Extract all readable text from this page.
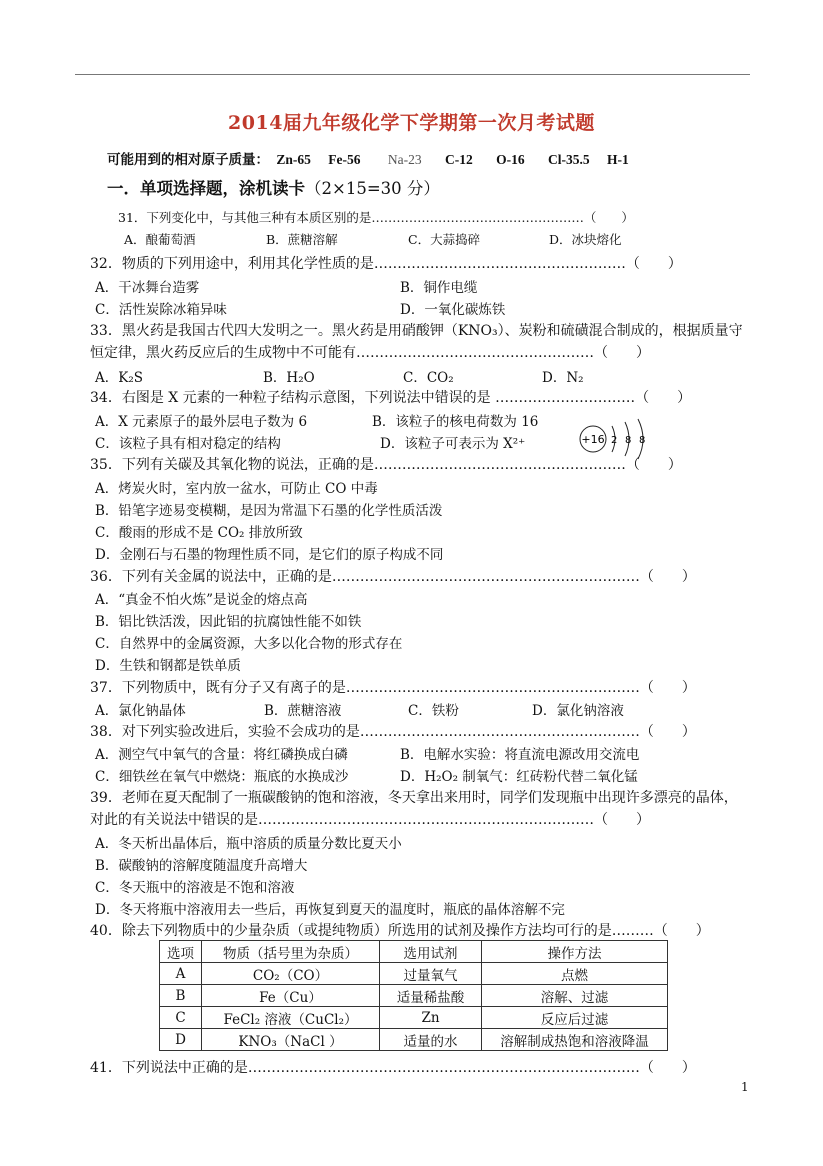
2014届九年级化学下学期第一次月考试题
可能用到的相对原子质量： Zn-65 Fe-56 Na-23 C-12 O-16 Cl-35.5 H-1
一．单项选择题，涂机读卡（2×15=30 分）
31．下列变化中，与其他三种有本质区别的是……………………………………………（　　）
A．酿葡萄酒	B．蔗糖溶解	C．大蒜捣碎	D．冰块熔化
32．物质的下列用途中，利用其化学性质的是………………………………………………（　　）
A．干冰舞台造雾	B．铜作电缆
C．活性炭除冰箱异味	D．一氧化碳炼铁
33．黑火药是我国古代四大发明之一。黑火药是用硝酸钾（KNO₃）、炭粉和硫磺混合制成的，根据质量守
恒定律，黑火药反应后的生成物中不可能有……………………………………………（　　）
A．K₂S	B．H₂O	C．CO₂	D．N₂
34．右图是 X 元素的一种粒子结构示意图，下列说法中错误的是 …………………………（　　）
A．X 元素原子的最外层电子数为 6	B．该粒子的核电荷数为 16
C．该粒子具有相对稳定的结构	D．该粒子可表示为 X²⁺	+16 2 8 8
35．下列有关碳及其氧化物的说法，正确的是………………………………………………（　　）
A．烤炭火时，室内放一盆水，可防止 CO 中毒
B．铅笔字迹易变模糊，是因为常温下石墨的化学性质活泼
C．酸雨的形成不是 CO₂ 排放所致
D．金刚石与石墨的物理性质不同，是它们的原子构成不同
36．下列有关金属的说法中，正确的是…………………………………………………………（　　）
A．“真金不怕火炼”是说金的熔点高
B．铝比铁活泼，因此铝的抗腐蚀性能不如铁
C．自然界中的金属资源，大多以化合物的形式存在
D．生铁和钢都是铁单质
37．下列物质中，既有分子又有离子的是………………………………………………………（　　）
A．氯化钠晶体	B．蔗糖溶液	C．铁粉	D．氯化钠溶液
38．对下列实验改进后，实验不会成功的是……………………………………………………（　　）
A．测空气中氧气的含量：将红磷换成白磷	B．电解水实验：将直流电源改用交流电
C．细铁丝在氧气中燃烧：瓶底的水换成沙	D．H₂O₂ 制氧气：红砖粉代替二氧化锰
39．老师在夏天配制了一瓶碳酸钠的饱和溶液，冬天拿出来用时，同学们发现瓶中出现许多漂亮的晶体，
对此的有关说法中错误的是………………………………………………………………（　　）
A．冬天析出晶体后，瓶中溶质的质量分数比夏天小
B．碳酸钠的溶解度随温度升高增大
C．冬天瓶中的溶液是不饱和溶液
D．冬天将瓶中溶液用去一些后，再恢复到夏天的温度时，瓶底的晶体溶解不完
40．除去下列物质中的少量杂质（或提纯物质）所选用的试剂及操作方法均可行的是………（　　）
选项	物质（括号里为杂质）	选用试剂	操作方法
A	CO₂（CO）	过量氧气	点燃
B	Fe（Cu）	适量稀盐酸	溶解、过滤
C	FeCl₂ 溶液（CuCl₂）	Zn	反应后过滤
D	KNO₃（NaCl ）	适量的水	溶解制成热饱和溶液降温
41．下列说法中正确的是…………………………………………………………………………（　　）
1
